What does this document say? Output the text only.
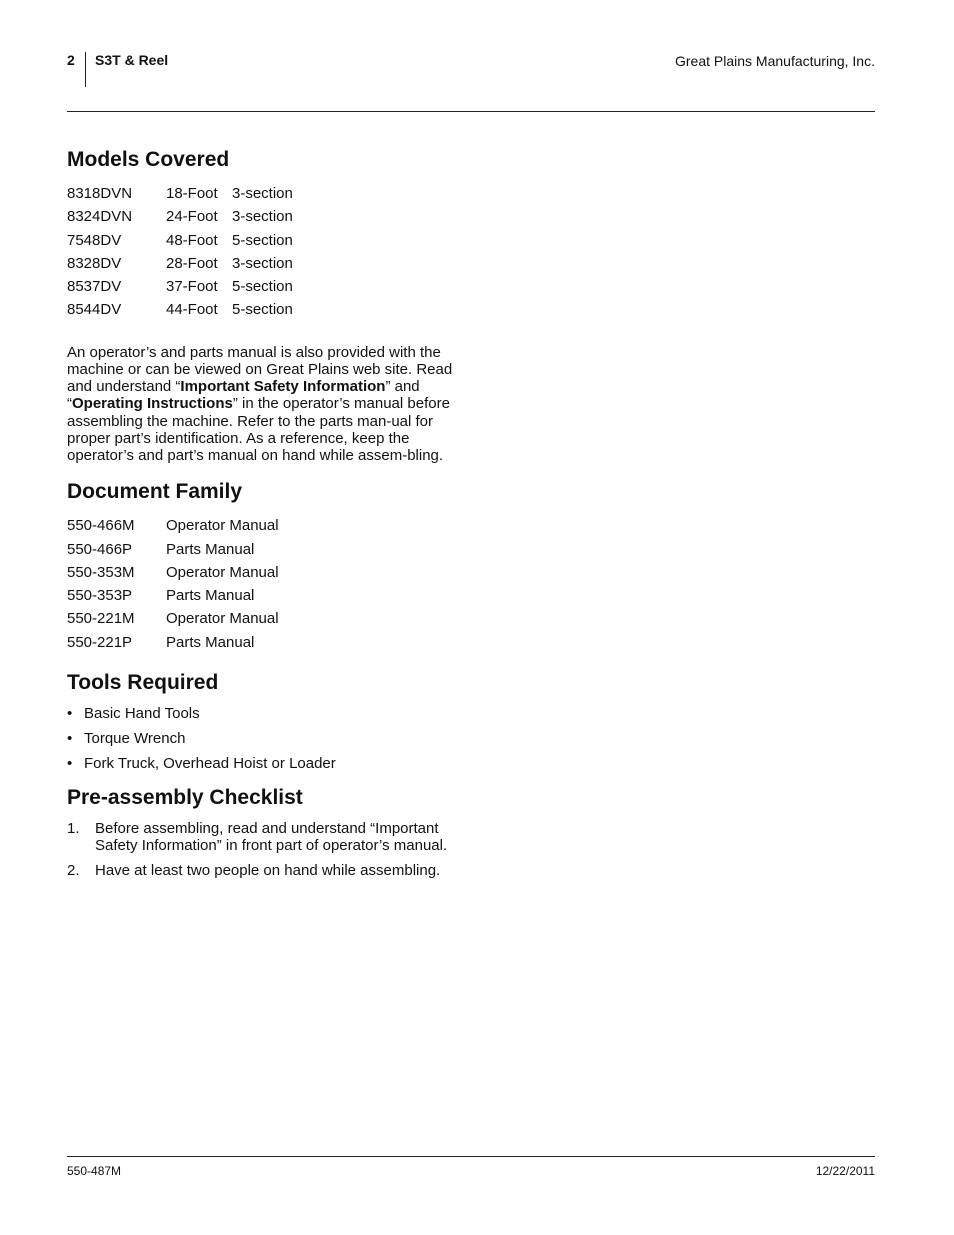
2 S3T & Reel	Great Plains Manufacturing, Inc.
Models Covered
8318DVN 18-Foot 3-section
8324DVN 24-Foot 3-section
7548DV	48-Foot 5-section
8328DV	28-Foot 3-section
8537DV	37-Foot 5-section
8544DV	44-Foot 5-section

An operator’s and parts manual is also provided with the machine or can be viewed on Great Plains web site. Read and understand “Important Safety Information” and “Operating Instructions” in the operator’s manual before assembling the machine. Refer to the parts man-ual for proper part’s identification. As a reference, keep the operator’s and part’s manual on hand while assem-bling.

Document Family
550-466M Operator Manual
550-466P Parts Manual
550-353M Operator Manual
550-353P Parts Manual
550-221M Operator Manual
550-221P Parts Manual
Tools Required
• Basic Hand Tools
• Torque Wrench
• Fork Truck, Overhead Hoist or Loader
Pre-assembly Checklist
1. Before assembling, read and understand “Important Safety Information” in front part of operator’s manual.
2. Have at least two people on hand while assembling.
550-487M	12/22/2011
